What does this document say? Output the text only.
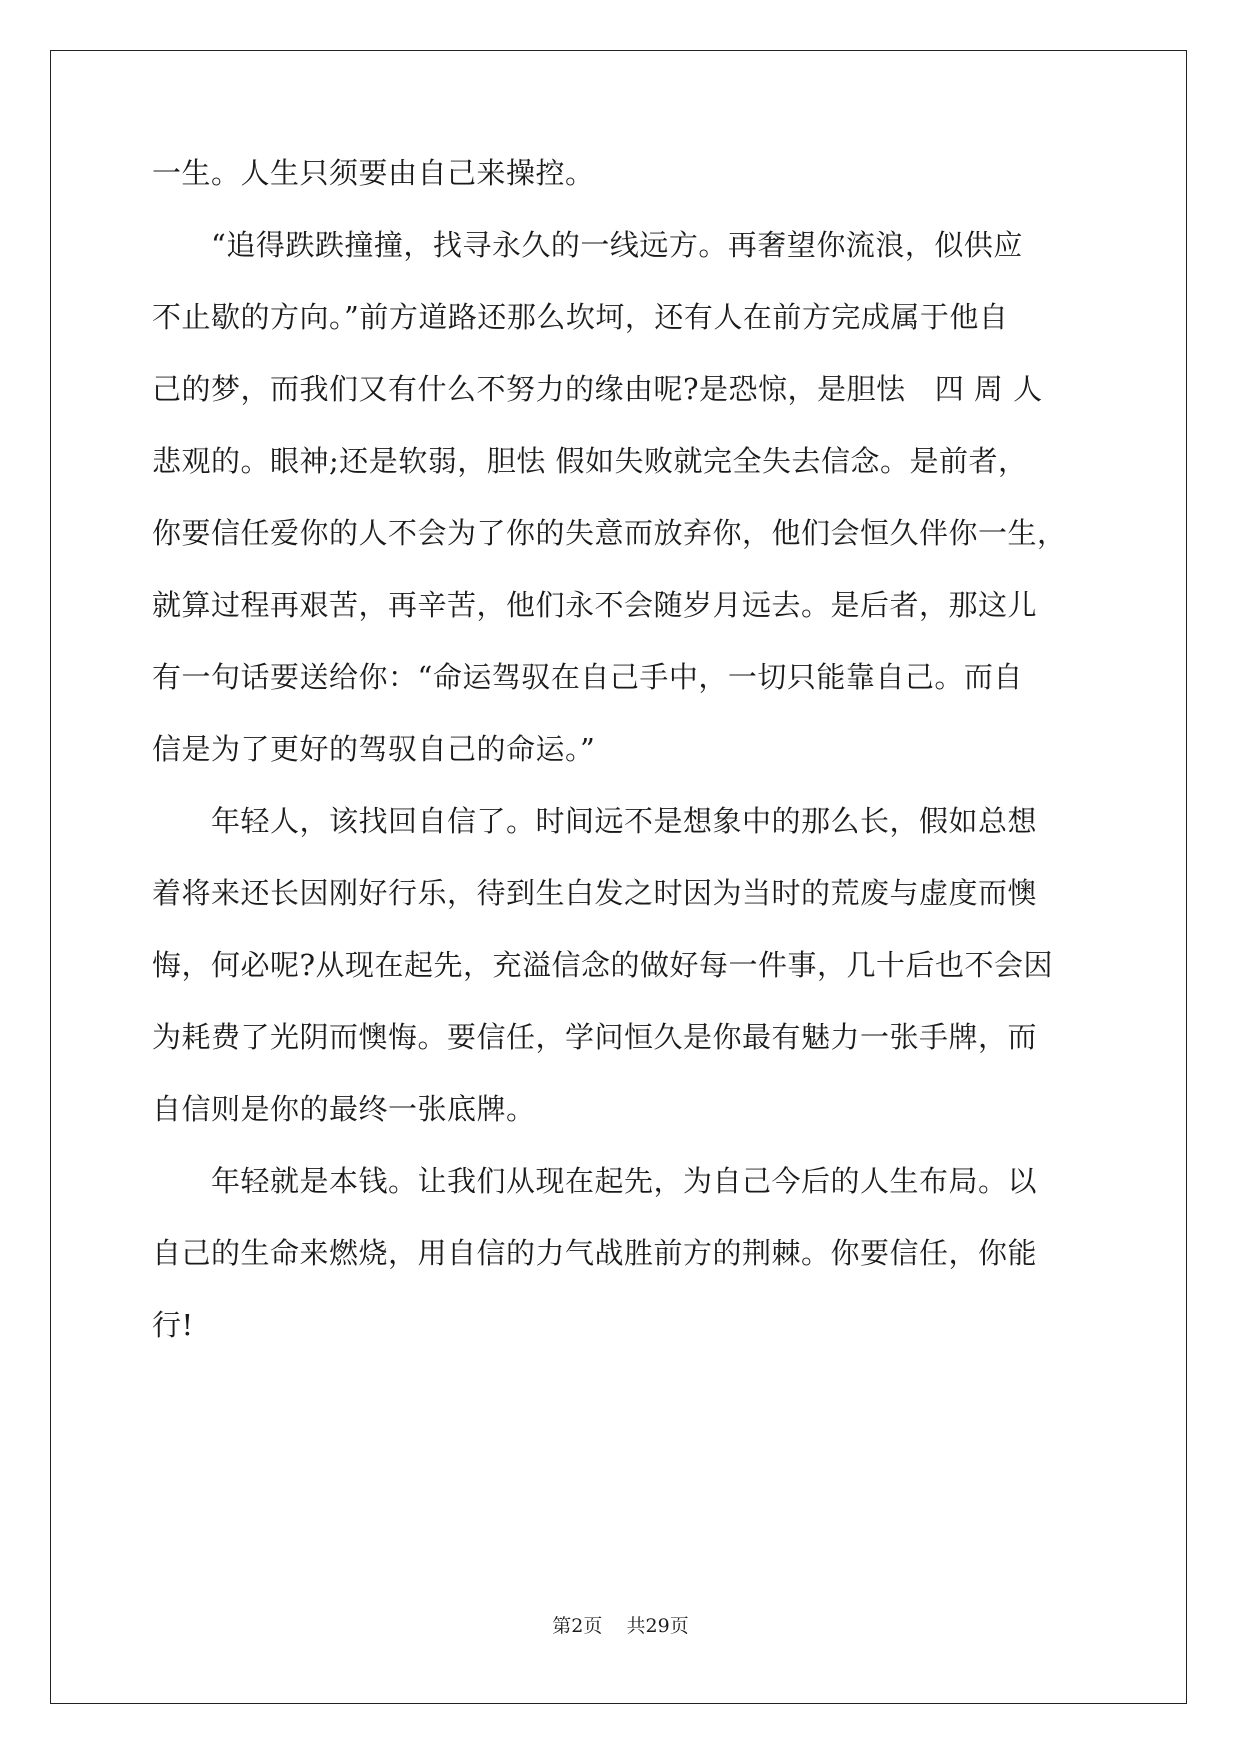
一生。人生只须要由自己来操控。
“追得跌跌撞撞，找寻永久的一线远方。再奢望你流浪，似供应
不止歇的方向。”前方道路还那么坎坷，还有人在前方完成属于他自
己的梦，而我们又有什么不努力的缘由呢?是恐惊，是胆怯   四 周 人
悲观的。眼神;还是软弱，胆怯 假如失败就完全失去信念。是前者，
你要信任爱你的人不会为了你的失意而放弃你，他们会恒久伴你一生，
就算过程再艰苦，再辛苦，他们永不会随岁月远去。是后者，那这儿
有一句话要送给你：“命运驾驭在自己手中，一切只能靠自己。而自
信是为了更好的驾驭自己的命运。”
年轻人，该找回自信了。时间远不是想象中的那么长，假如总想
着将来还长因刚好行乐，待到生白发之时因为当时的荒废与虚度而懊
悔，何必呢?从现在起先，充溢信念的做好每一件事，几十后也不会因
为耗费了光阴而懊悔。要信任，学问恒久是你最有魅力一张手牌，而
自信则是你的最终一张底牌。
年轻就是本钱。让我们从现在起先，为自己今后的人生布局。以
自己的生命来燃烧，用自信的力气战胜前方的荆棘。你要信任，你能
行!
第2页    共29页
